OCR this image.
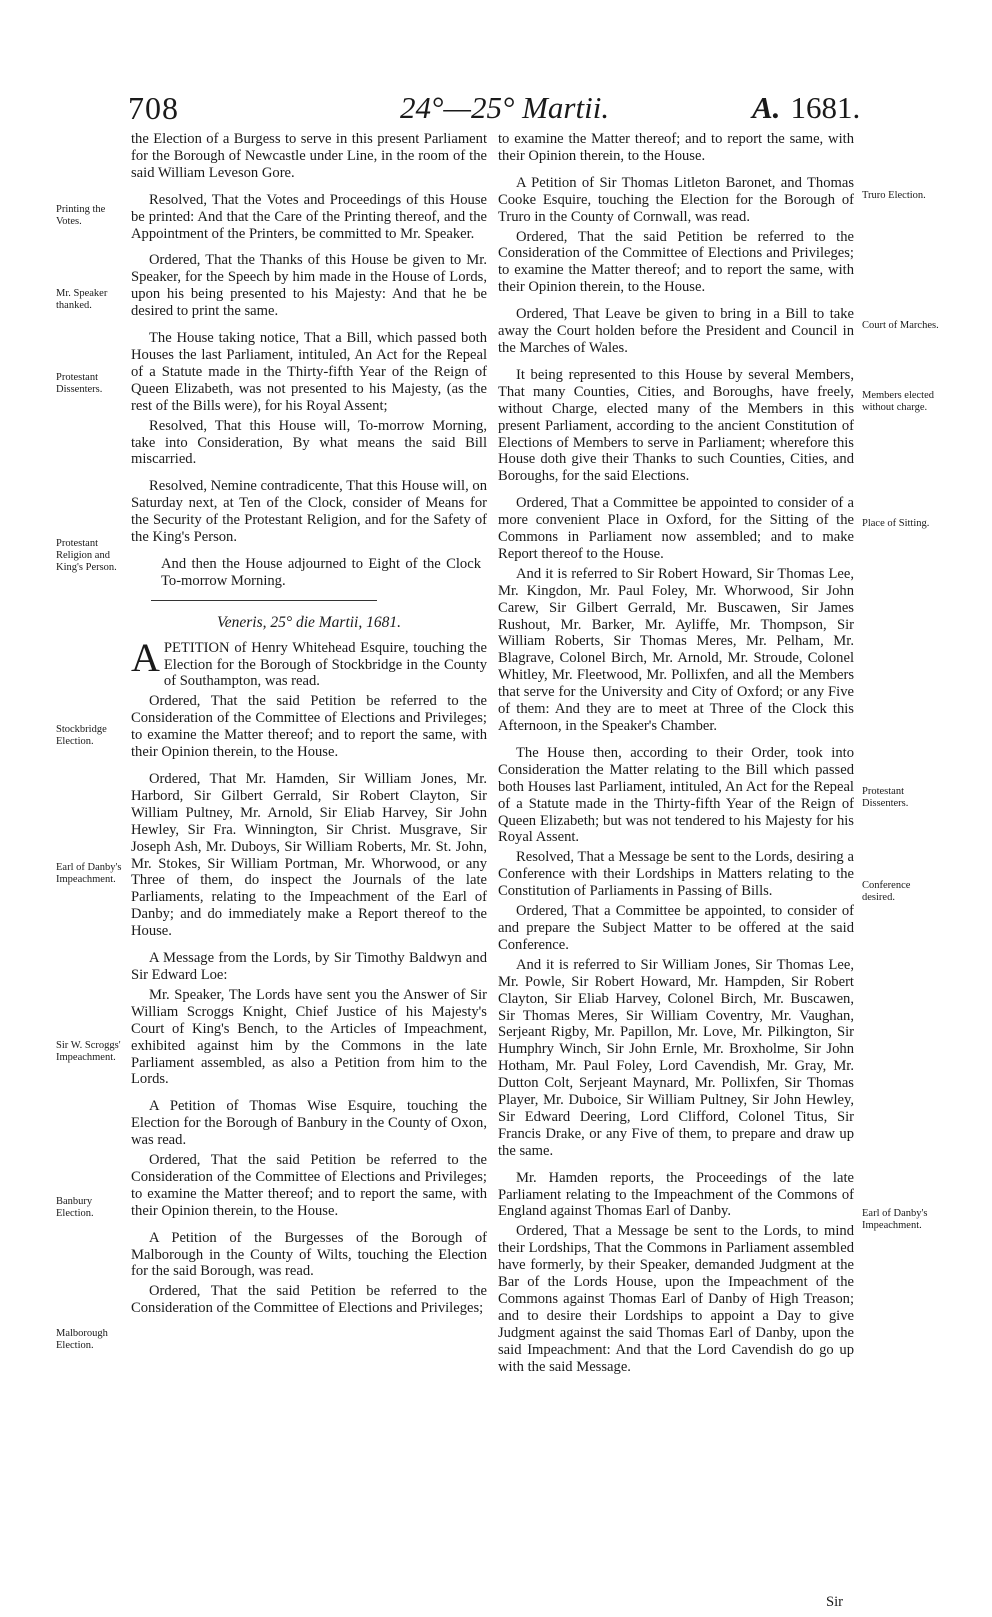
708	24°—25° Martii.	A. 1681.

the Election of a Burgess to serve in this present Parliament for the Borough of Newcastle under Line, in the room of the said William Leveson Gore.

Resolved, That the Votes and Proceedings of this House be printed: And that the Care of the Printing thereof, and the Appointment of the Printers, be committed to Mr. Speaker.

Ordered, That the Thanks of this House be given to Mr. Speaker, for the Speech by him made in the House of Lords, upon his being presented to his Majesty: And that he be desired to print the same.

The House taking notice, That a Bill, which passed both Houses the last Parliament, intituled, An Act for the Repeal of a Statute made in the Thirty-fifth Year of the Reign of Queen Elizabeth, was not presented to his Majesty, (as the rest of the Bills were), for his Royal Assent;

Resolved, That this House will, To-morrow Morning, take into Consideration, By what means the said Bill miscarried.

Resolved, Nemine contradicente, That this House will, on Saturday next, at Ten of the Clock, consider of Means for the Security of the Protestant Religion, and for the Safety of the King's Person.

And then the House adjourned to Eight of the Clock To-morrow Morning.

Veneris, 25° die Martii, 1681.

APETITION of Henry Whitehead Esquire, touching the Election for the Borough of Stockbridge in the County of Southampton, was read.

Ordered, That the said Petition be referred to the Consideration of the Committee of Elections and Privileges; to examine the Matter thereof; and to report the same, with their Opinion therein, to the House.

Ordered, That Mr. Hamden, Sir William Jones, Mr. Harbord, Sir Gilbert Gerrald, Sir Robert Clayton, Sir William Pultney, Mr. Arnold, Sir Eliab Harvey, Sir John Hewley, Sir Fra. Winnington, Sir Christ. Musgrave, Sir Joseph Ash, Mr. Duboys, Sir William Roberts, Mr. St. John, Mr. Stokes, Sir William Portman, Mr. Whorwood, or any Three of them, do inspect the Journals of the late Parliaments, relating to the Impeachment of the Earl of Danby; and do immediately make a Report thereof to the House.

A Message from the Lords, by Sir Timothy Baldwyn and Sir Edward Loe:

Mr. Speaker, The Lords have sent you the Answer of Sir William Scroggs Knight, Chief Justice of his Majesty's Court of King's Bench, to the Articles of Impeachment, exhibited against him by the Commons in the late Parliament assembled, as also a Petition from him to the Lords.

A Petition of Thomas Wise Esquire, touching the Election for the Borough of Banbury in the County of Oxon, was read.

Ordered, That the said Petition be referred to the Consideration of the Committee of Elections and Privileges; to examine the Matter thereof; and to report the same, with their Opinion therein, to the House.

A Petition of the Burgesses of the Borough of Malborough in the County of Wilts, touching the Election for the said Borough, was read.

Ordered, That the said Petition be referred to the Consideration of the Committee of Elections and Privileges;

to examine the Matter thereof; and to report the same, with their Opinion therein, to the House.

A Petition of Sir Thomas Litleton Baronet, and Thomas Cooke Esquire, touching the Election for the Borough of Truro in the County of Cornwall, was read.

Ordered, That the said Petition be referred to the Consideration of the Committee of Elections and Privileges; to examine the Matter thereof; and to report the same, with their Opinion therein, to the House.

Ordered, That Leave be given to bring in a Bill to take away the Court holden before the President and Council in the Marches of Wales.

It being represented to this House by several Members, That many Counties, Cities, and Boroughs, have freely, without Charge, elected many of the Members in this present Parliament, according to the ancient Constitution of Elections of Members to serve in Parliament; wherefore this House doth give their Thanks to such Counties, Cities, and Boroughs, for the said Elections.

Ordered, That a Committee be appointed to consider of a more convenient Place in Oxford, for the Sitting of the Commons in Parliament now assembled; and to make Report thereof to the House.

And it is referred to Sir Robert Howard, Sir Thomas Lee, Mr. Kingdon, Mr. Paul Foley, Mr. Whorwood, Sir John Carew, Sir Gilbert Gerrald, Mr. Buscawen, Sir James Rushout, Mr. Barker, Mr. Ayliffe, Mr. Thompson, Sir William Roberts, Sir Thomas Meres, Mr. Pelham, Mr. Blagrave, Colonel Birch, Mr. Arnold, Mr. Stroude, Colonel Whitley, Mr. Fleetwood, Mr. Pollixfen, and all the Members that serve for the University and City of Oxford; or any Five of them: And they are to meet at Three of the Clock this Afternoon, in the Speaker's Chamber.

The House then, according to their Order, took into Consideration the Matter relating to the Bill which passed both Houses last Parliament, intituled, An Act for the Repeal of a Statute made in the Thirty-fifth Year of the Reign of Queen Elizabeth; but was not tendered to his Majesty for his Royal Assent.

Resolved, That a Message be sent to the Lords, desiring a Conference with their Lordships in Matters relating to the Constitution of Parliaments in Passing of Bills.

Ordered, That a Committee be appointed, to consider of and prepare the Subject Matter to be offered at the said Conference.

And it is referred to Sir William Jones, Sir Thomas Lee, Mr. Powle, Sir Robert Howard, Mr. Hampden, Sir Robert Clayton, Sir Eliab Harvey, Colonel Birch, Mr. Buscawen, Sir Thomas Meres, Sir William Coventry, Mr. Vaughan, Serjeant Rigby, Mr. Papillon, Mr. Love, Mr. Pilkington, Sir Humphry Winch, Sir John Ernle, Mr. Broxholme, Sir John Hotham, Mr. Paul Foley, Lord Cavendish, Mr. Gray, Mr. Dutton Colt, Serjeant Maynard, Mr. Pollixfen, Sir Thomas Player, Mr. Duboice, Sir William Pultney, Sir John Hewley, Sir Edward Deering, Lord Clifford, Colonel Titus, Sir Francis Drake, or any Five of them, to prepare and draw up the same.

Mr. Hamden reports, the Proceedings of the late Parliament relating to the Impeachment of the Commons of England against Thomas Earl of Danby.

Ordered, That a Message be sent to the Lords, to mind their Lordships, That the Commons in Parliament assembled have formerly, by their Speaker, demanded Judgment at the Bar of the Lords House, upon the Impeachment of the Commons against Thomas Earl of Danby of High Treason; and to desire their Lordships to appoint a Day to give Judgment against the said Thomas Earl of Danby, upon the said Impeachment: And that the Lord Cavendish do go up with the said Message.

Printing the Votes.
Mr. Speaker thanked.
Protestant Dissenters.
Protestant Religion and King's Person.
Stockbridge Election.
Earl of Danby's Impeachment.
Sir W. Scroggs' Impeachment.
Banbury Election.
Malborough Election.
Truro Election.
Court of Marches.
Members elected without charge.
Place of Sitting.
Protestant Dissenters.
Conference desired.
Earl of Danby's Impeachment.
Sir
